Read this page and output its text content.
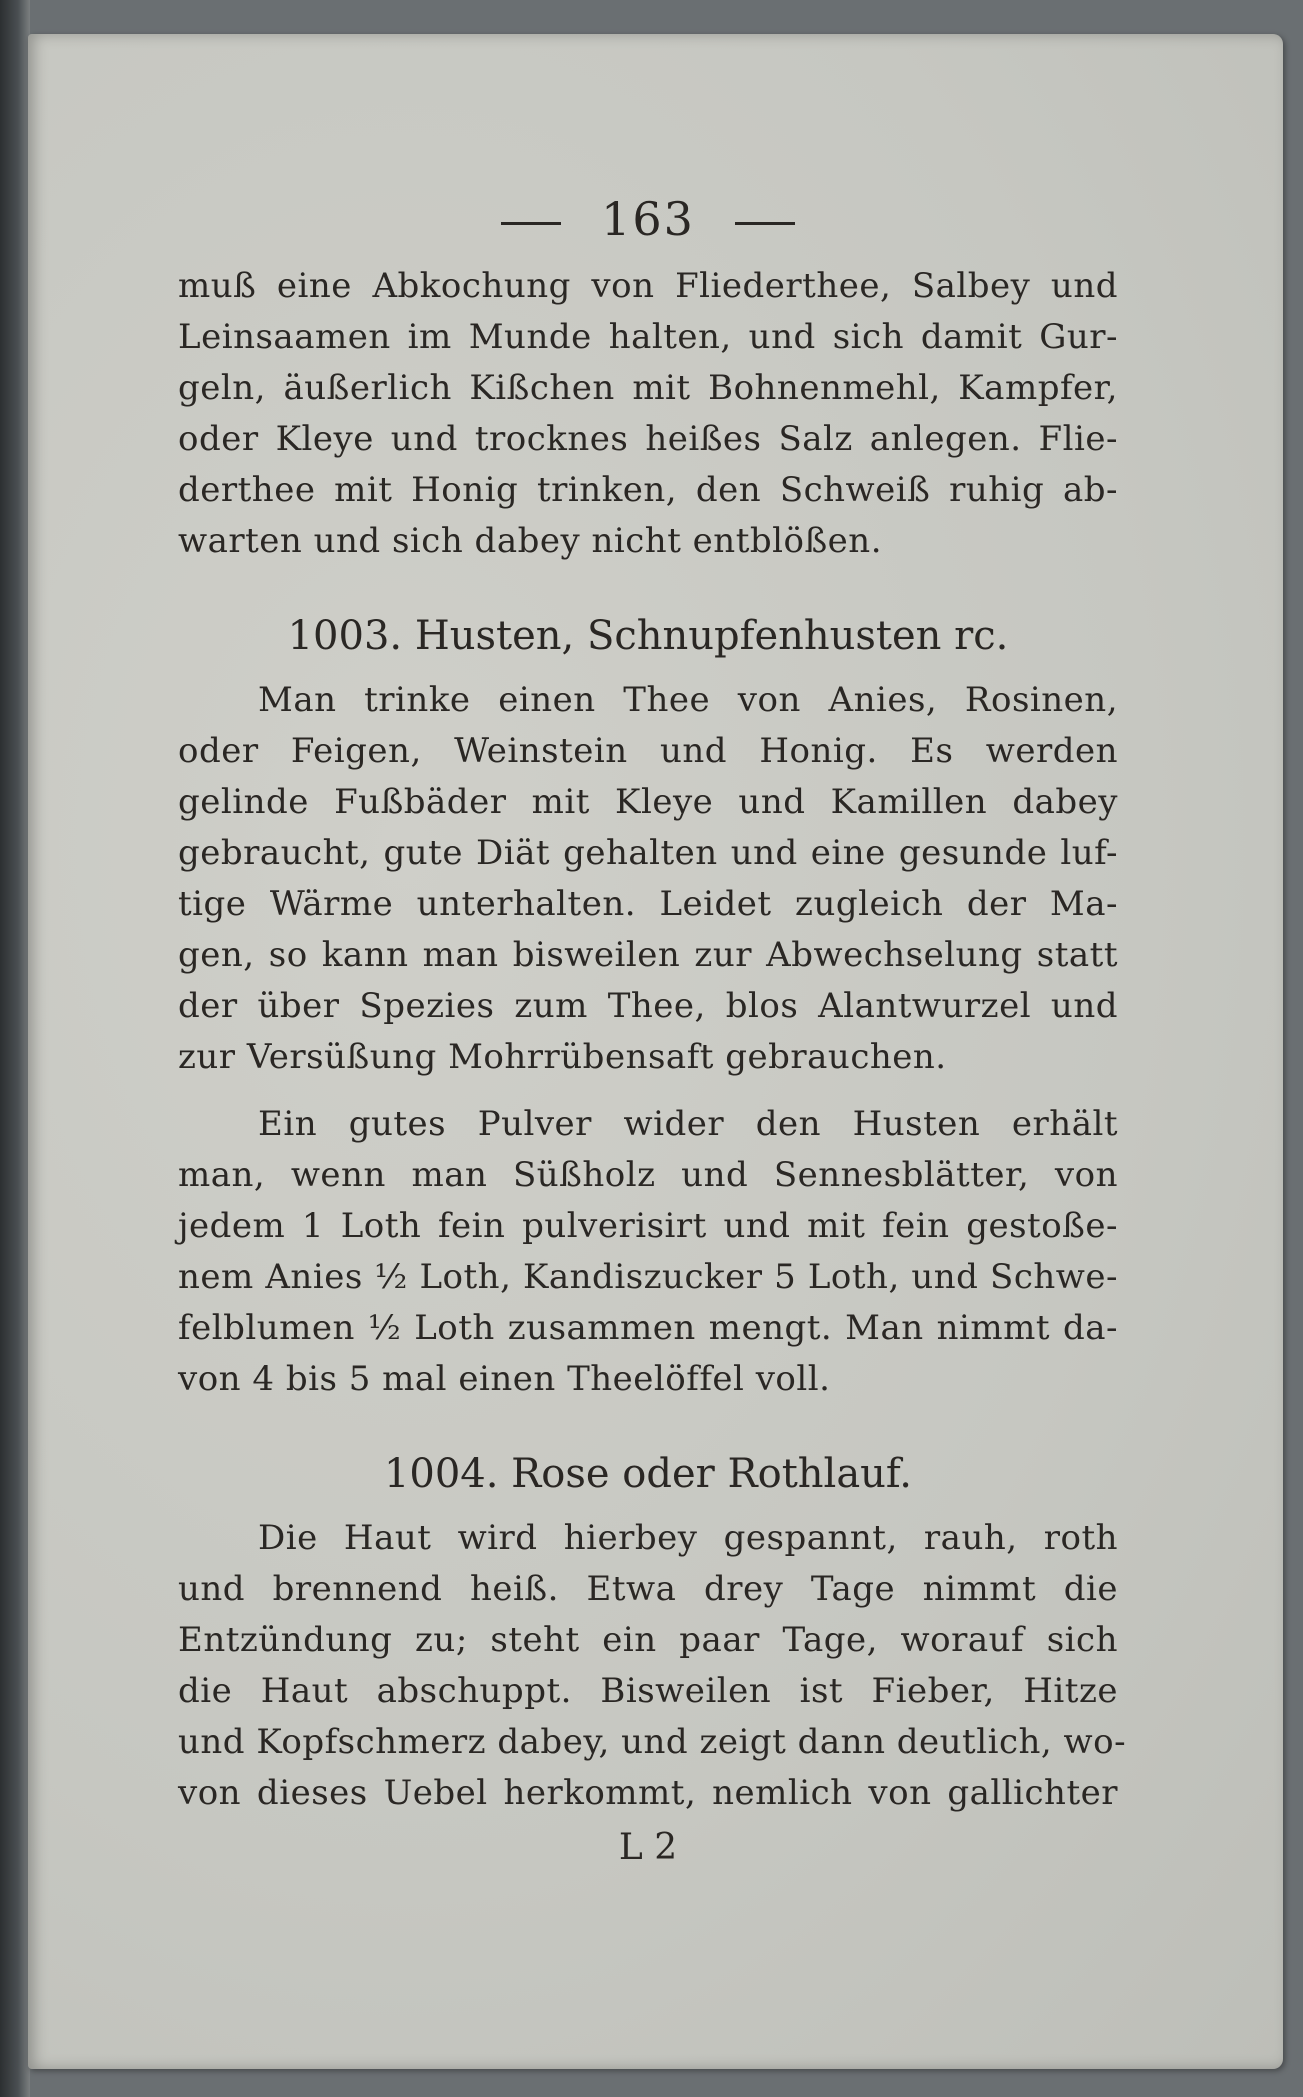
163
muß eine Abkochung von Fliederthee, Salbey und
Leinsaamen im Munde halten, und sich damit Gur-
geln, äußerlich Kißchen mit Bohnenmehl, Kampfer,
oder Kleye und trocknes heißes Salz anlegen. Flie-
derthee mit Honig trinken, den Schweiß ruhig ab-
warten und sich dabey nicht entblößen.
1003. Husten, Schnupfenhusten rc.
Man trinke einen Thee von Anies, Rosinen,
oder Feigen, Weinstein und Honig. Es werden
gelinde Fußbäder mit Kleye und Kamillen dabey
gebraucht, gute Diät gehalten und eine gesunde luf-
tige Wärme unterhalten. Leidet zugleich der Ma-
gen, so kann man bisweilen zur Abwechselung statt
der über Spezies zum Thee, blos Alantwurzel und
zur Versüßung Mohrrübensaft gebrauchen.
Ein gutes Pulver wider den Husten erhält
man, wenn man Süßholz und Sennesblätter, von
jedem 1 Loth fein pulverisirt und mit fein gestoße-
nem Anies ½ Loth, Kandiszucker 5 Loth, und Schwe-
felblumen ½ Loth zusammen mengt. Man nimmt da-
von 4 bis 5 mal einen Theelöffel voll.
1004. Rose oder Rothlauf.
Die Haut wird hierbey gespannt, rauh, roth
und brennend heiß. Etwa drey Tage nimmt die
Entzündung zu; steht ein paar Tage, worauf sich
die Haut abschuppt. Bisweilen ist Fieber, Hitze
und Kopfschmerz dabey, und zeigt dann deutlich, wo-
von dieses Uebel herkommt, nemlich von gallichter
L 2
